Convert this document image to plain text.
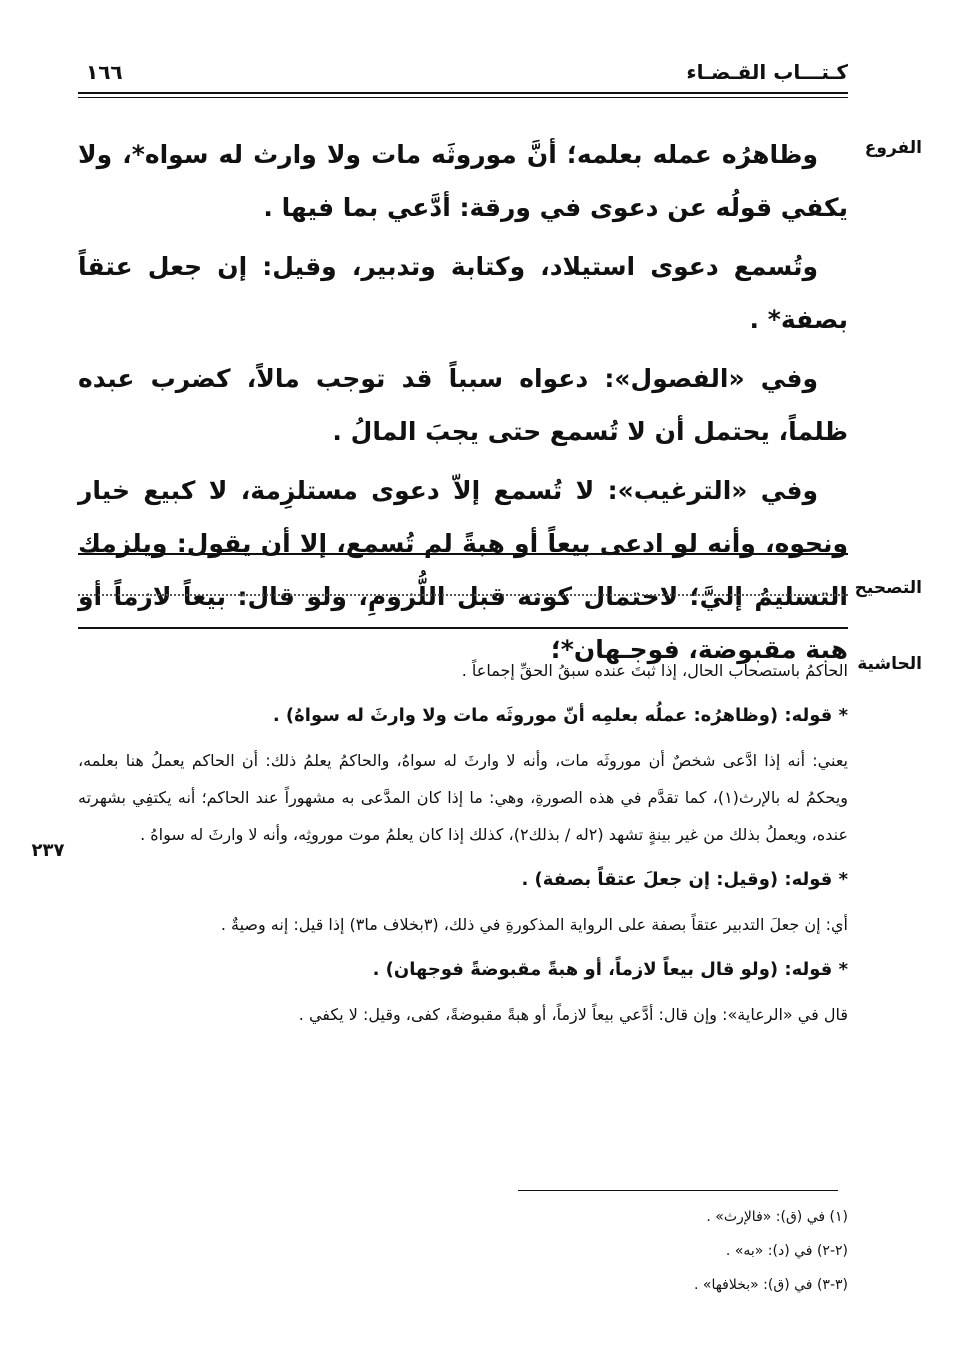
كـتـــاب القـضـاء
١٦٦
الفروع

وظاهرُه عمله بعلمه؛ أنَّ موروثَه مات ولا وارث له سواه*، ولا يكفي قولُه عن دعوى في ورقة: أدَّعي بما فيها .

وتُسمع دعوى استيلاد، وكتابة وتدبير، وقيل: إن جعل عتقاً بصفة* .

وفي «الفصول»: دعواه سبباً قد توجب مالاً، كضرب عبده ظلماً، يحتمل أن لا تُسمع حتى يجبَ المالُ .

وفي «الترغيب»: لا تُسمع إلاّ دعوى مستلزِمة، لا كبيع خيار ونحوه، وأنه لو ادعى بيعاً أو هبةً لم تُسمع، إلا أن يقول: ويلزمك التسليمُ إليَّ؛ لاحتمال كونه قبل اللُّزومِ، ولو قال: بيعاً لازماً أو هبة مقبوضة، فوجـهان*؛

التصحيح
الحاشية

الحاكمُ باستصحاب الحال، إذا ثبتَ عنده سبقُ الحقِّ إجماعاً .

* قوله: (وظاهرُه: عملُه بعلمِه أنّ موروثَه مات ولا وارثَ له سواهُ) .

يعني: أنه إذا ادَّعى شخصٌ أن موروثَه مات، وأنه لا وارثَ له سواهُ، والحاكمُ يعلمُ ذلك: أن الحاكم يعملُ هنا بعلمه، ويحكمُ له بالإرث(١)، كما تقدَّم في هذه الصورةِ، وهي: ما إذا كان المدَّعى به مشهوراً عند الحاكم؛ أنه يكتفِي بشهرته عنده، ويعملُ بذلك من غير بينةٍ تشهد (٢له / بذلك٢)، كذلك إذا كان يعلمُ موت موروثِه، وأنه لا وارثَ له سواهُ .

* قوله: (وقيل: إن جعلَ عتقاً بصفة) .

أي: إن جعلَ التدبير عتقاً بصفة على الرواية المذكورةِ في ذلك، (٣بخلاف ما٣) إذا قيل: إنه وصيةٌ .

* قوله: (ولو قال بيعاً لازماً، أو هبةً مقبوضةً فوجهان) .

قال في «الرعاية»: وإن قال: أدَّعي بيعاً لازماً، أو هبةً مقبوضةً، كفى، وقيل: لا يكفي .

٢٣٧
(١) في (ق): «فالإرث» .
(٢-٢) في (د): «به» .
(٣-٣) في (ق): «بخلافها» .
